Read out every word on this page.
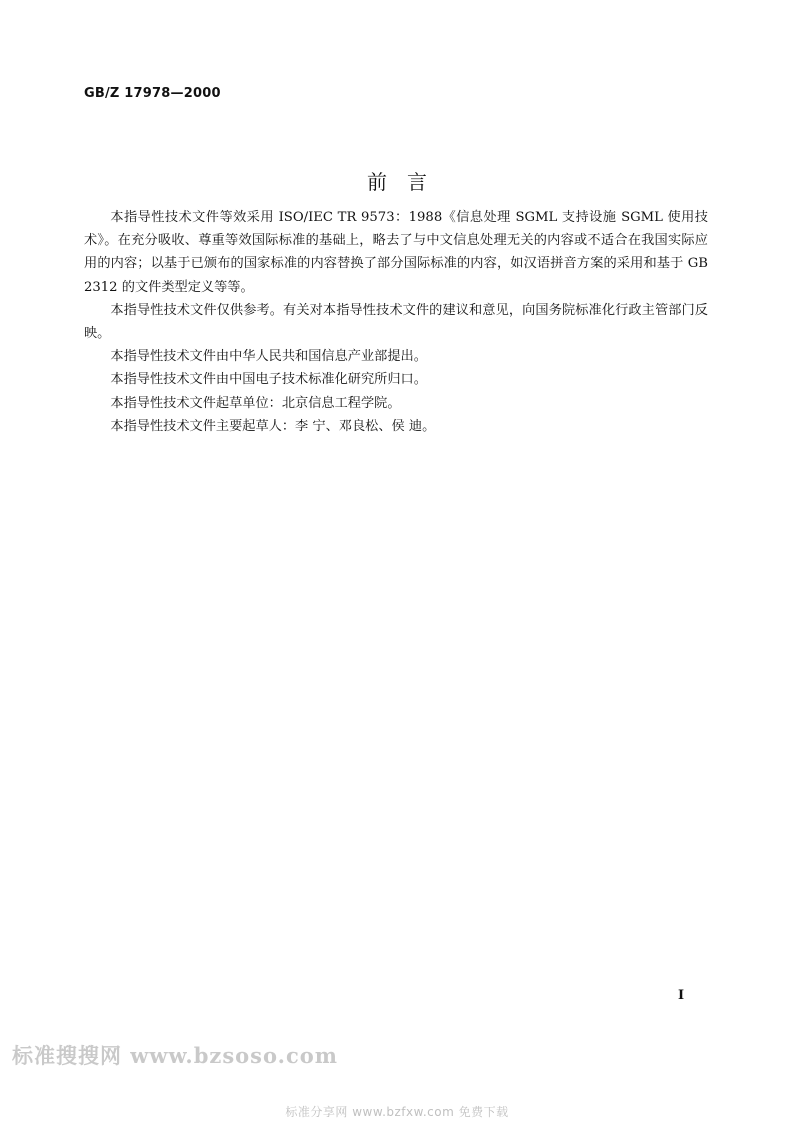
GB/Z 17978—2000
前　言

本指导性技术文件等效采用 ISO/IEC TR 9573：1988《信息处理 SGML 支持设施 SGML 使用技术》。在充分吸收、尊重等效国际标准的基础上，略去了与中文信息处理无关的内容或不适合在我国实际应用的内容；以基于已颁布的国家标准的内容替换了部分国际标准的内容，如汉语拼音方案的采用和基于 GB 2312 的文件类型定义等等。

本指导性技术文件仅供参考。有关对本指导性技术文件的建议和意见，向国务院标准化行政主管部门反映。

本指导性技术文件由中华人民共和国信息产业部提出。

本指导性技术文件由中国电子技术标准化研究所归口。

本指导性技术文件起草单位：北京信息工程学院。

本指导性技术文件主要起草人：李 宁、邓良松、侯 迪。

I
标准搜搜网 www.bzsoso.com
标准分享网 www.bzfxw.com 免费下载
